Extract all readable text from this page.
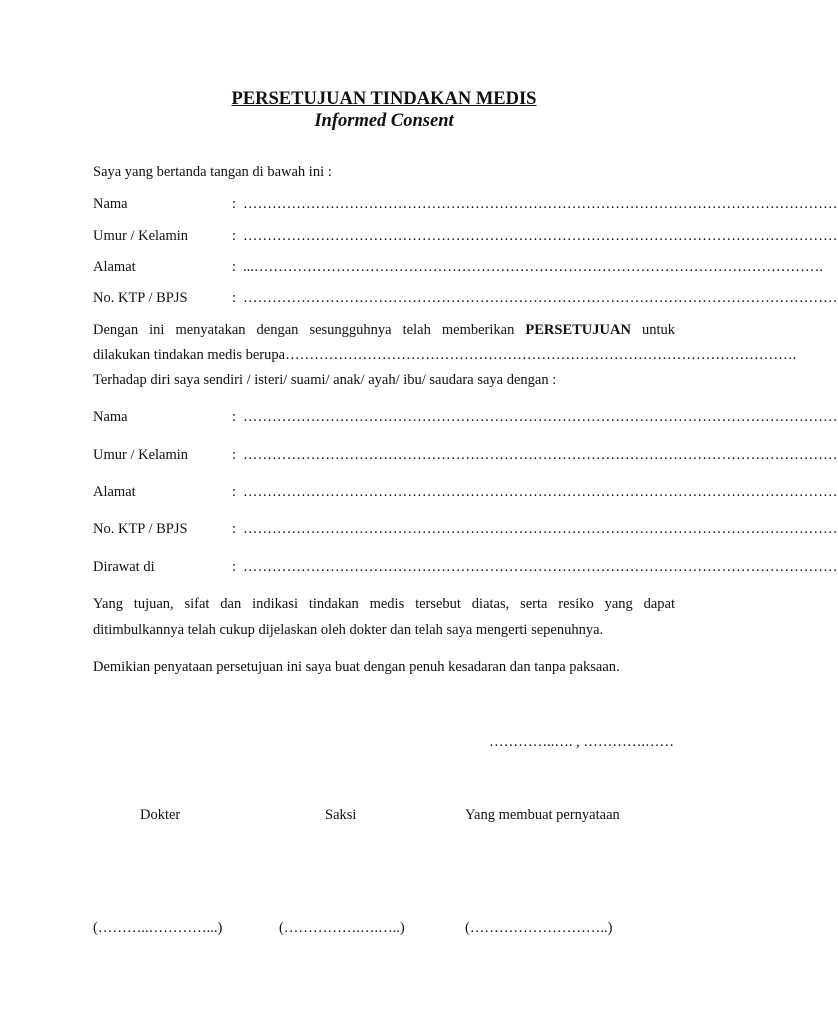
PERSETUJUAN TINDAKAN MEDIS
Informed Consent
Saya yang bertanda tangan di bawah ini :
Nama	: ……………………………………………………………………………………………………………
Umur / Kelamin	: ……………………………………………………………………………………………………………
Alamat	: ...……………………………………………………………………………………………………….
No. KTP / BPJS	: ……………………………………………………………………………………………………………
Dengan ini menyatakan dengan sesungguhnya telah memberikan PERSETUJUAN untuk
dilakukan tindakan medis berupa…………………………………………………………………………………………….
Terhadap diri saya sendiri / isteri/ suami/ anak/ ayah/ ibu/ saudara saya dengan :
Nama	: ……………………………………………………………………………………………………………
Umur / Kelamin	: ……………………………………………………………………………………………………………
Alamat	: ……………………………………………………………………………………………………………
No. KTP / BPJS	: ……………………………………………………………………………………………………………
Dirawat di	: ……………………………………………………………………………………………………………
Yang tujuan, sifat dan indikasi tindakan medis tersebut diatas, serta resiko yang dapat
ditimbulkannya telah cukup dijelaskan oleh dokter dan telah saya mengerti sepenuhnya.
Demikian penyataan persetujuan ini saya buat dengan penuh kesadaran dan tanpa paksaan.
…………..…. , ………….……
Dokter	Saksi	Yang membuat pernyataan
(………..…………...)	(…………….….…..)	(………………………..)
